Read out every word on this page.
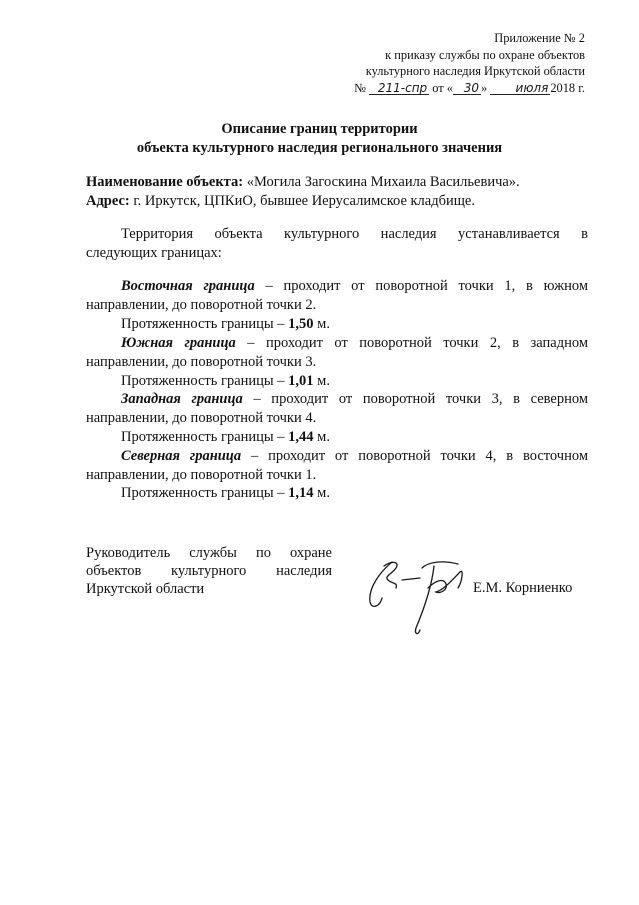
Приложение № 2
к приказу службы по охране объектов
культурного наследия Иркутской области
№ 211-спр от « 30 » июля 2018 г.
Описание границ территории
объекта культурного наследия регионального значения
Наименование объекта: «Могила Загоскина Михаила Васильевича».
Адрес: г. Иркутск, ЦПКиО, бывшее Иерусалимское кладбище.
Территория объекта культурного наследия устанавливается в
следующих границах:
Восточная граница – проходит от поворотной точки 1, в южном
направлении, до поворотной точки 2.
Протяженность границы – 1,50 м.
Южная граница – проходит от поворотной точки 2, в западном
направлении, до поворотной точки 3.
Протяженность границы – 1,01 м.
Западная граница – проходит от поворотной точки 3, в северном
направлении, до поворотной точки 4.
Протяженность границы – 1,44 м.
Северная граница – проходит от поворотной точки 4, в восточном
направлении, до поворотной точки 1.
Протяженность границы – 1,14 м.
Руководитель службы по охране
объектов культурного наследия
Иркутской области	Е.М. Корниенко
